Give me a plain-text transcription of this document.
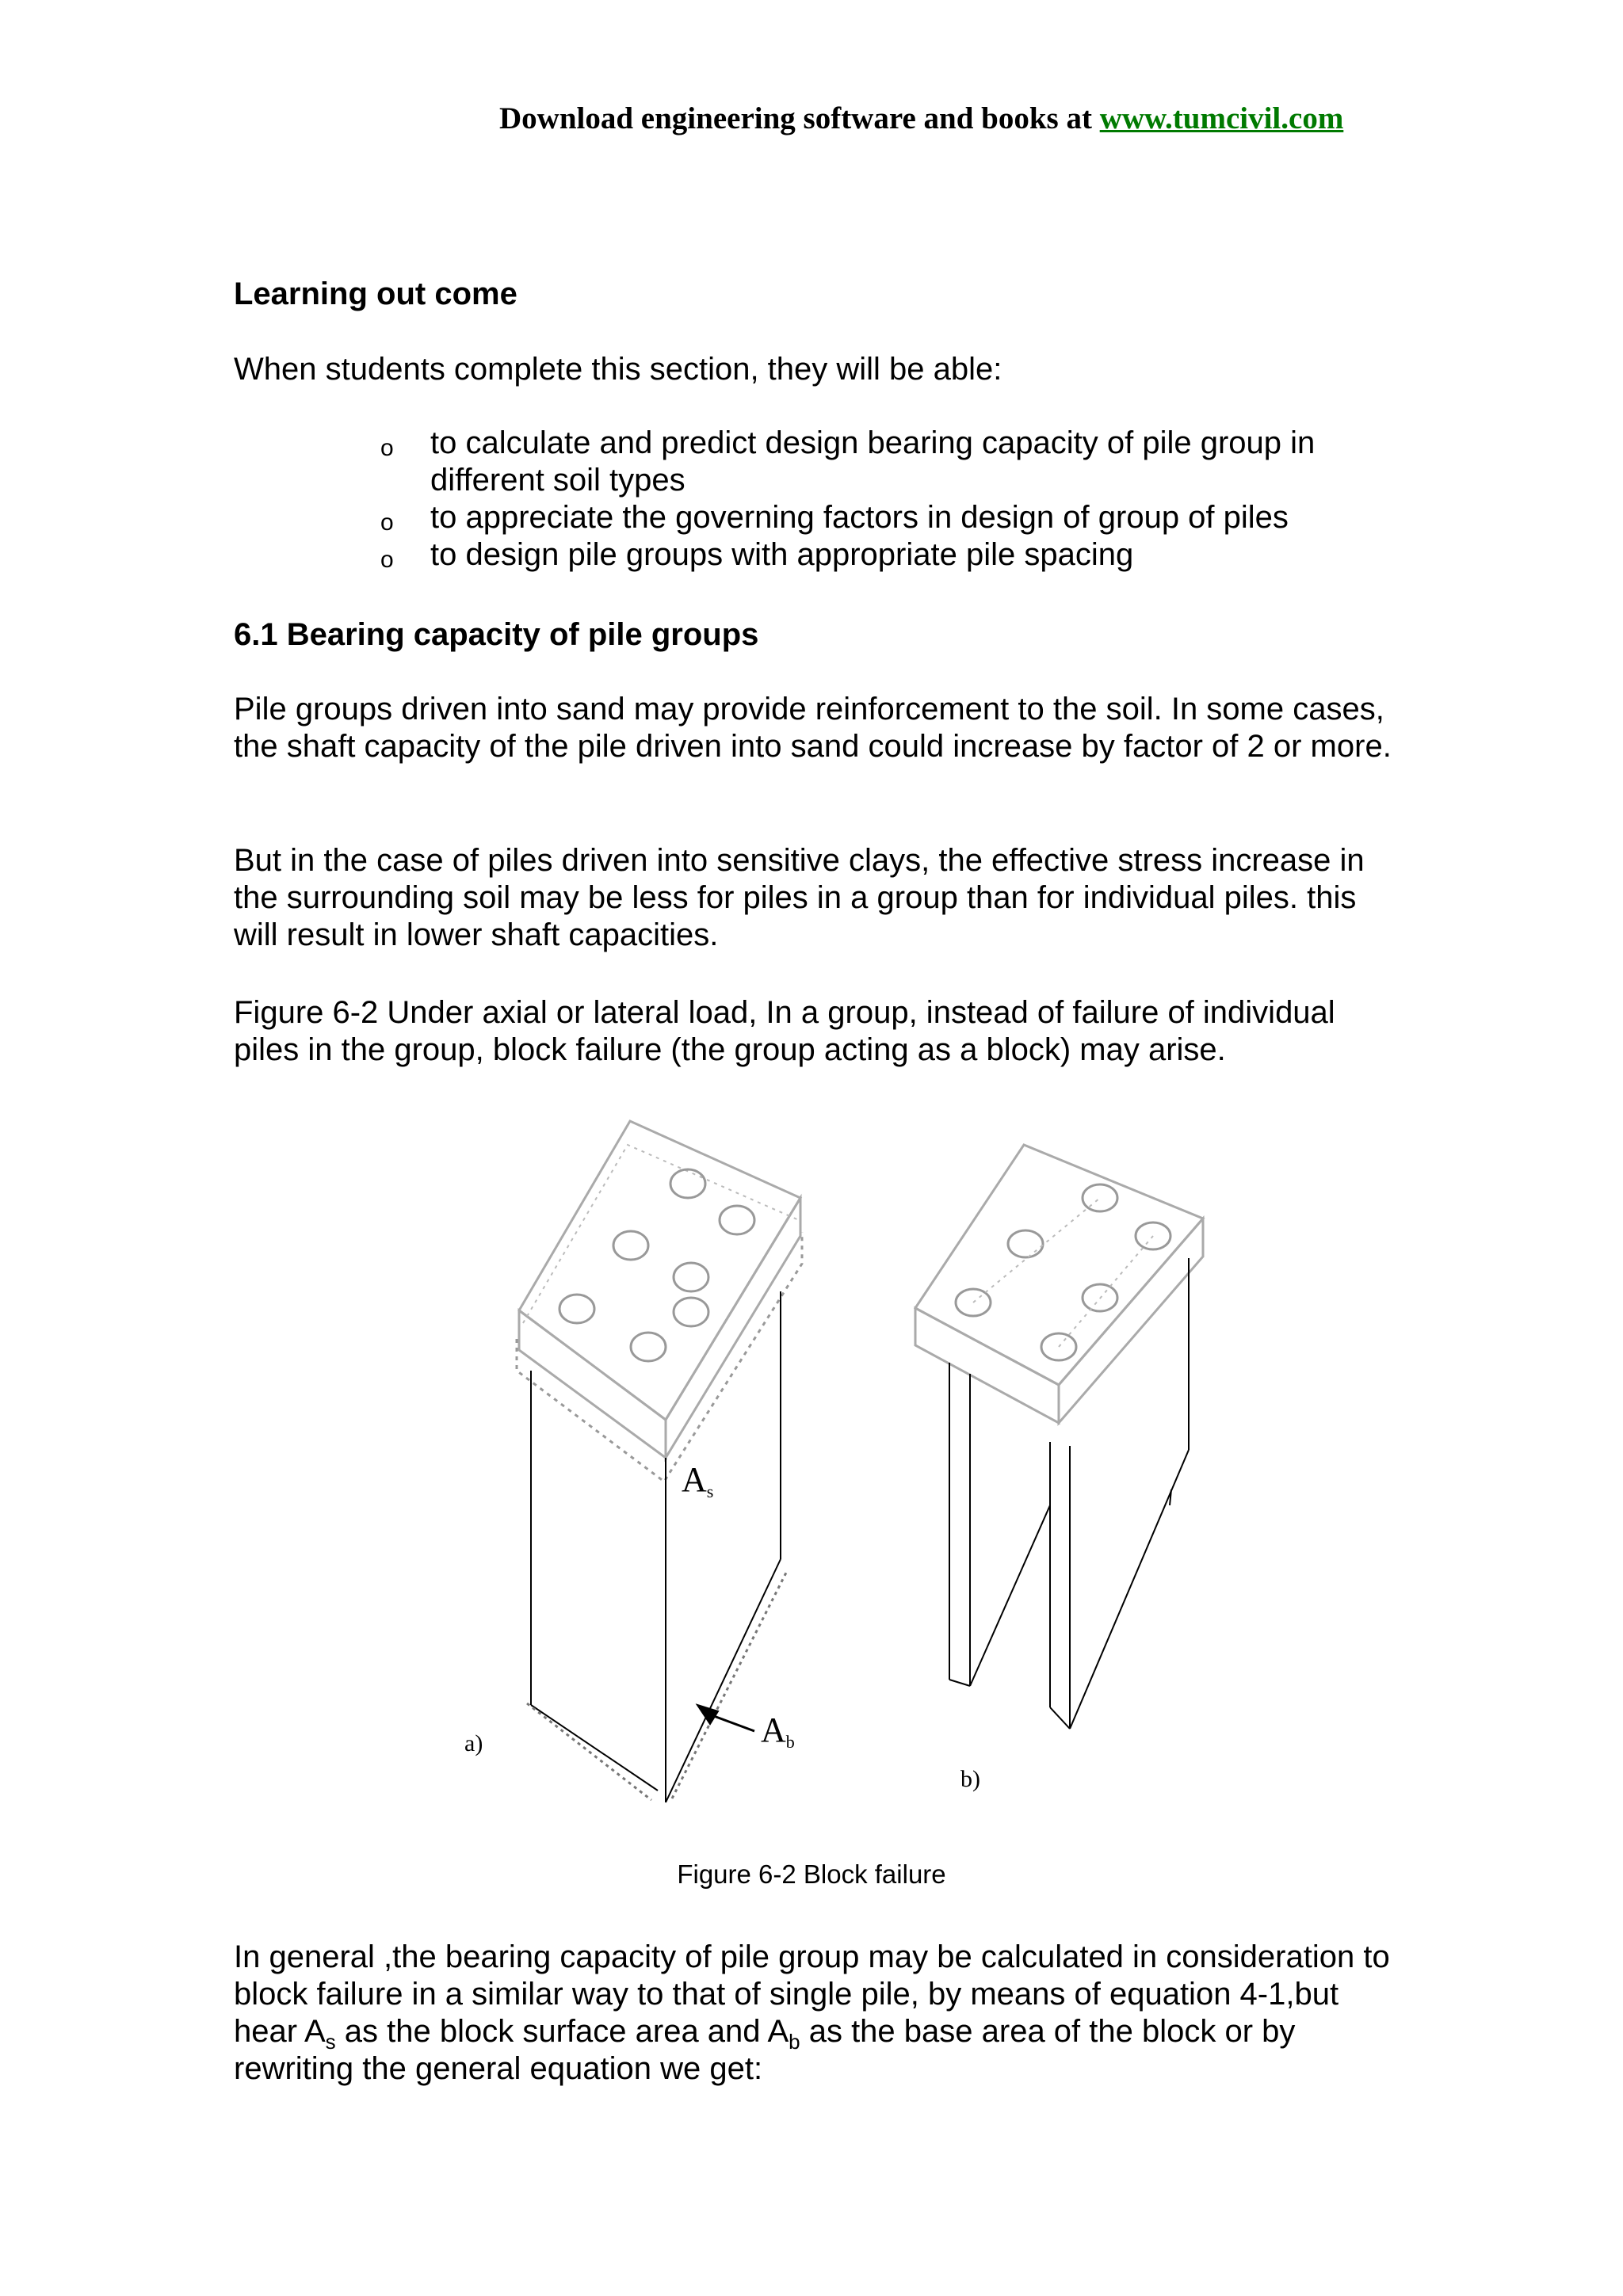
Download engineering software and books at www.tumcivil.com
Learning out come
When students complete this section, they will be able:
o to calculate and predict design bearing capacity of pile group in different soil types
o to appreciate the governing factors in design of group of piles
o to design pile groups with appropriate pile spacing
6.1 Bearing capacity of pile groups
Pile groups driven into sand may provide reinforcement to the soil. In some cases, the shaft capacity of the pile driven into sand could increase by factor of 2 or more.
But in the case of piles driven into sensitive clays, the effective stress increase in the surrounding soil may be less for piles in a group than for individual piles. this will result in lower shaft capacities.
Figure 6-2 Under axial or lateral load, In a group, instead of failure of individual piles in the group, block failure (the group acting as a block) may arise.
As
Ab
a)
b)
Figure 6-2 Block failure
In general ,the bearing capacity of pile group may be calculated in consideration to block failure in a similar way to that of single pile, by means of equation 4-1,but hear $A_s$ as the block surface area and $A_b$ as the base area of the block or by rewriting the general equation we get:
